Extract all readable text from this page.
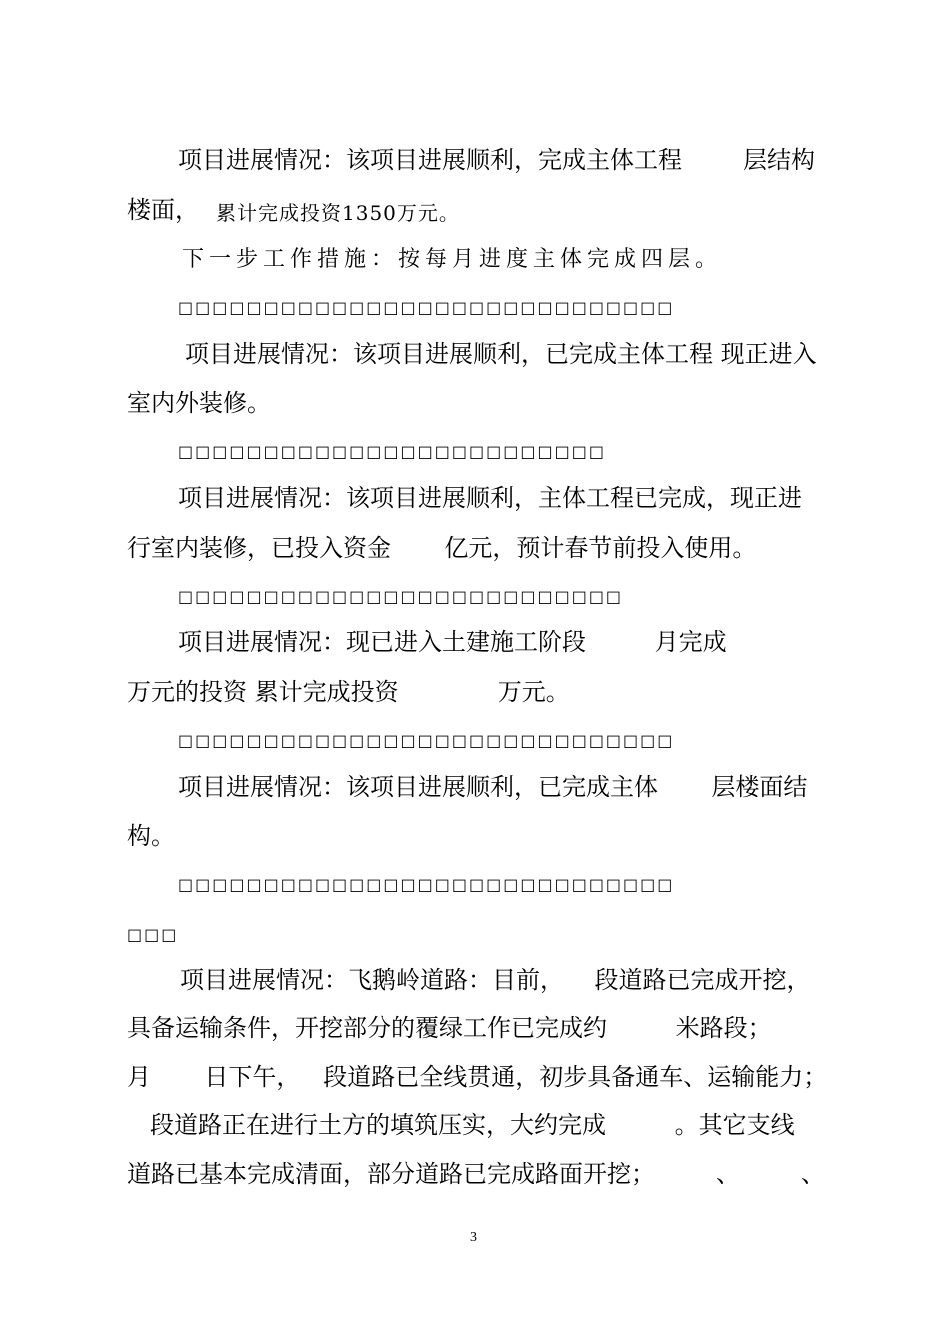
项目进展情况：该项目进展顺利，完成主体工程        层结构
楼面， 累计完成投资1350万元。
下一步工作措施：按每月进度主体完成四层。
□□□□□□□□□□□□□□□□□□□□□□□□□□□□□
项目进展情况：该项目进展顺利，已完成主体工程 现正进入
室内外装修。
□□□□□□□□□□□□□□□□□□□□□□□□□
项目进展情况：该项目进展顺利，主体工程已完成，现正进
行室内装修，已投入资金       亿元，预计春节前投入使用。
□□□□□□□□□□□□□□□□□□□□□□□□□□
项目进展情况：现已进入土建施工阶段         月完成
万元的投资 累计完成投资             万元。
□□□□□□□□□□□□□□□□□□□□□□□□□□□□□
项目进展情况：该项目进展顺利，已完成主体       层楼面结
构。
□□□□□□□□□□□□□□□□□□□□□□□□□□□□□
□□□
项目进展情况：飞鹅岭道路：目前，    段道路已完成开挖，
具备运输条件，开挖部分的覆绿工作已完成约         米路段；
月       日下午，   段道路已全线贯通，初步具备通车、运输能力；
段道路正在进行土方的填筑压实，大约完成         。其它支线
道路已基本完成清面，部分道路已完成路面开挖；        、        、
3
